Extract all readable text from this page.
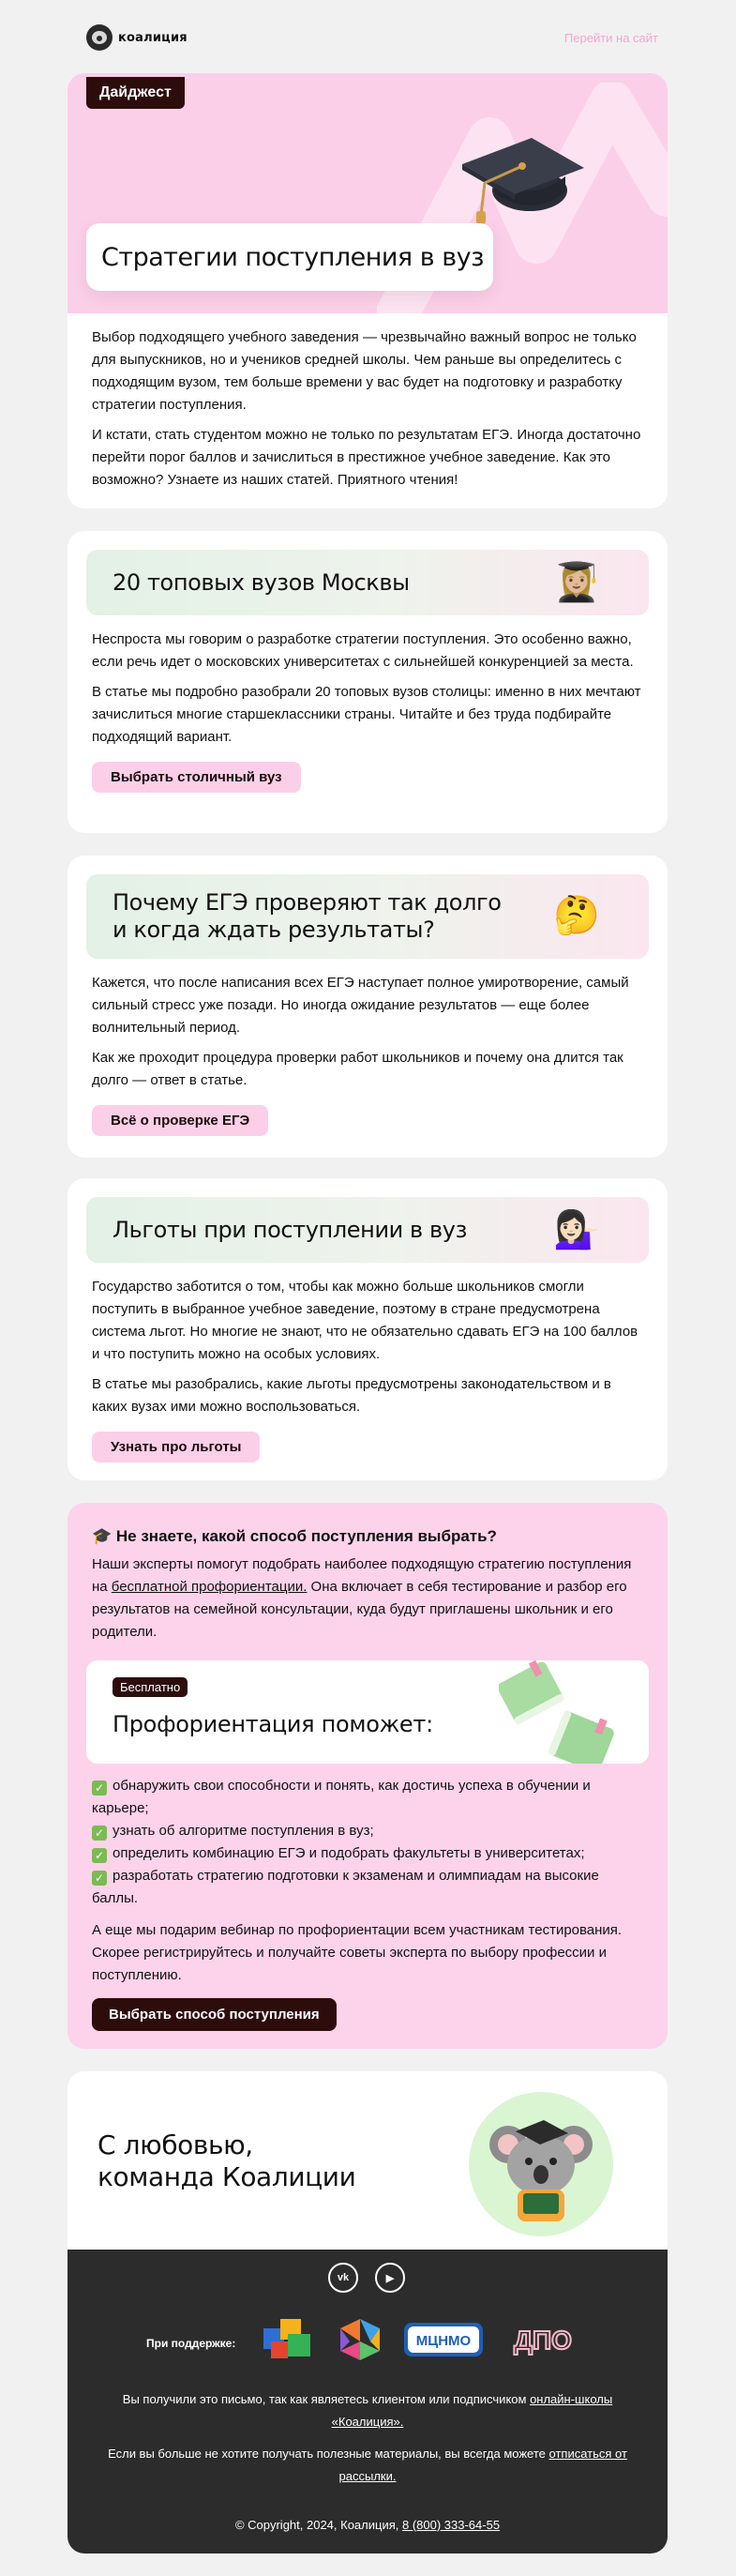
коалиция	Перейти на сайт
Дайджест
Стратегии поступления в вуз

Выбор подходящего учебного заведения — чрезвычайно важный вопрос не только для выпускников, но и учеников средней школы. Чем раньше вы определитесь с подходящим вузом, тем больше времени у вас будет на подготовку и разработку стратегии поступления.

И кстати, стать студентом можно не только по результатам ЕГЭ. Иногда достаточно перейти порог баллов и зачислиться в престижное учебное заведение. Как это возможно? Узнаете из наших статей. Приятного чтения!

20 топовых вузов Москвы	👩🏼‍🎓

Неспроста мы говорим о разработке стратегии поступления. Это особенно важно, если речь идет о московских университетах с сильнейшей конкуренцией за места.

В статье мы подробно разобрали 20 топовых вузов столицы: именно в них мечтают зачислиться многие старшеклассники страны. Читайте и без труда подбирайте подходящий вариант.

Выбрать столичный вуз
Почему ЕГЭ проверяют так долго
и когда ждать результаты?	🤔

Кажется, что после написания всех ЕГЭ наступает полное умиротворение, самый сильный стресс уже позади. Но иногда ожидание результатов — еще более волнительный период.

Как же проходит процедура проверки работ школьников и почему она длится так долго — ответ в статье.

Всё о проверке ЕГЭ
Льготы при поступлении в вуз 💁🏻‍♀️

Государство заботится о том, чтобы как можно больше школьников смогли поступить в выбранное учебное заведение, поэтому в стране предусмотрена система льгот. Но многие не знают, что не обязательно сдавать ЕГЭ на 100 баллов и что поступить можно на особых условиях.

В статье мы разобрались, какие льготы предусмотрены законодательством и в каких вузах ими можно воспользоваться.

Узнать про льготы

🎓 Не знаете, какой способ поступления выбрать?

Наши эксперты помогут подобрать наиболее подходящую стратегию поступления на бесплатной профориентации. Она включает в себя тестирование и разбор его результатов на семейной консультации, куда будут приглашены школьник и его родители.

Бесплатно
Профориентация поможет:
✓ обнаружить свои способности и понять, как достичь успеха в обучении и карьере;
✓ узнать об алгоритме поступления в вуз;
✓ определить комбинацию ЕГЭ и подобрать факультеты в университетах;
✓ разработать стратегию подготовки к экзаменам и олимпиадам на высокие баллы.

А еще мы подарим вебинар по профориентации всем участникам тестирования. Скорее регистрируйтесь и получайте советы эксперта по выбору профессии и поступлению.

Выбрать способ поступления
С любовью,
команда Коалиции
vk	▶
При поддержке:	МЦНМО ДПО
Вы получили это письмо, так как являетесь клиентом или подписчиком онлайн-школы «Коалиция».
Если вы больше не хотите получать полезные материалы, вы всегда можете отписаться от рассылки.
© Copyright, 2024, Коалиция, 8 (800) 333-64-55
